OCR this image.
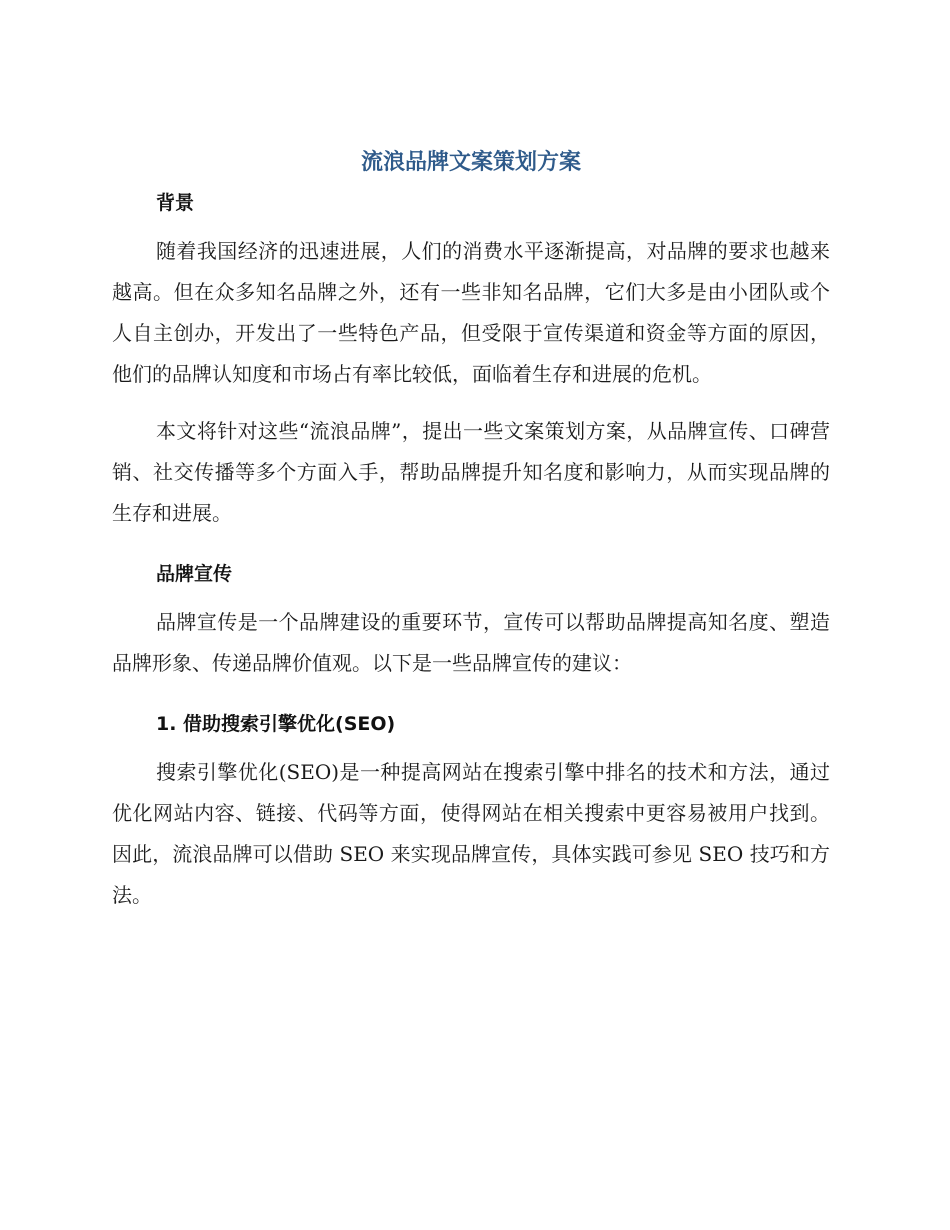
流浪品牌文案策划方案
背景

随着我国经济的迅速进展，人们的消费水平逐渐提高，对品牌的要求也越来越高。但在众多知名品牌之外，还有一些非知名品牌，它们大多是由小团队或个人自主创办，开发出了一些特色产品，但受限于宣传渠道和资金等方面的原因，他们的品牌认知度和市场占有率比较低，面临着生存和进展的危机。

本文将针对这些“流浪品牌”，提出一些文案策划方案，从品牌宣传、口碑营销、社交传播等多个方面入手，帮助品牌提升知名度和影响力，从而实现品牌的生存和进展。

品牌宣传

品牌宣传是一个品牌建设的重要环节，宣传可以帮助品牌提高知名度、塑造品牌形象、传递品牌价值观。以下是一些品牌宣传的建议：

1. 借助搜索引擎优化(SEO)

搜索引擎优化(SEO)是一种提高网站在搜索引擎中排名的技术和方法，通过优化网站内容、链接、代码等方面，使得网站在相关搜索中更容易被用户找到。因此，流浪品牌可以借助 SEO 来实现品牌宣传，具体实践可参见 SEO 技巧和方法。
